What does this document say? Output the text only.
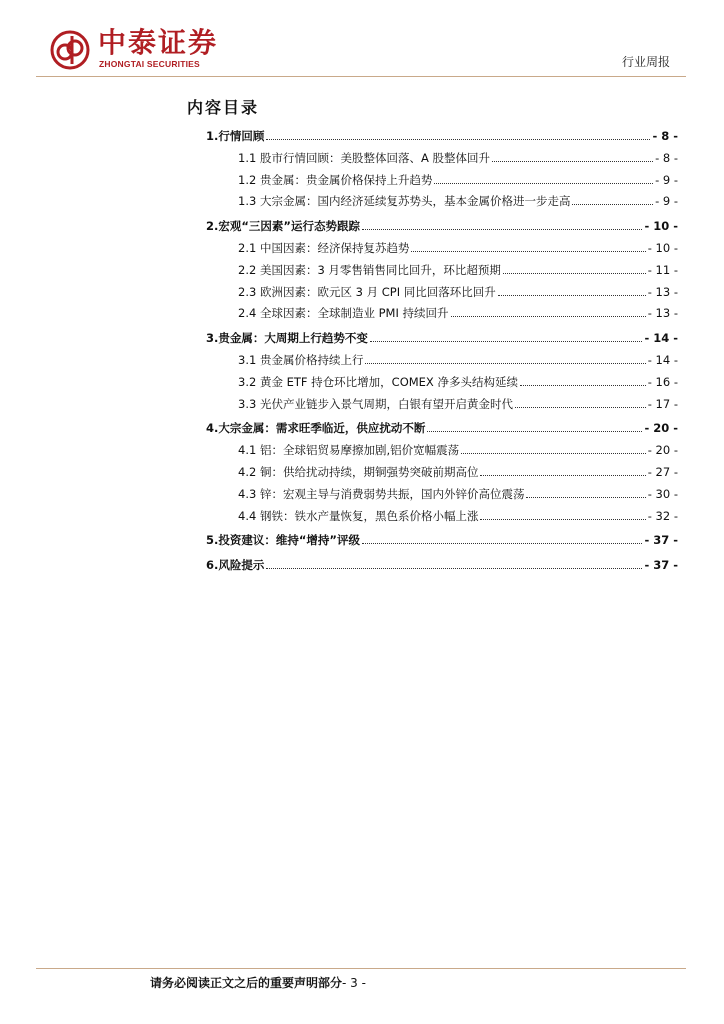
中泰证券
ZHONGTAI SECURITIES	行业周报
内容目录
1.行情回顾	- 8 -
1.1 股市行情回顾：美股整体回落、A 股整体回升	- 8 -
1.2 贵金属：贵金属价格保持上升趋势	- 9 -
1.3 大宗金属：国内经济延续复苏势头，基本金属价格进一步走高	- 9 -
2.宏观“三因素”运行态势跟踪	- 10 -
2.1 中国因素：经济保持复苏趋势	- 10 -
2.2 美国因素：3 月零售销售同比回升，环比超预期	- 11 -
2.3 欧洲因素：欧元区 3 月 CPI 同比回落环比回升	- 13 -
2.4 全球因素：全球制造业 PMI 持续回升	- 13 -
3.贵金属：大周期上行趋势不变	- 14 -
3.1 贵金属价格持续上行	- 14 -
3.2 黄金 ETF 持仓环比增加，COMEX 净多头结构延续	- 16 -
3.3 光伏产业链步入景气周期，白银有望开启黄金时代	- 17 -
4.大宗金属：需求旺季临近，供应扰动不断	- 20 -
4.1 铝：全球铝贸易摩擦加剧,铝价宽幅震荡	- 20 -
4.2 铜：供给扰动持续，期铜强势突破前期高位	- 27 -
4.3 锌：宏观主导与消费弱势共振，国内外锌价高位震荡	- 30 -
4.4 钢铁：铁水产量恢复，黑色系价格小幅上涨	- 32 -
5.投资建议：维持“增持”评级	- 37 -
6.风险提示	- 37 -
请务必阅读正文之后的重要声明部分- 3 -
